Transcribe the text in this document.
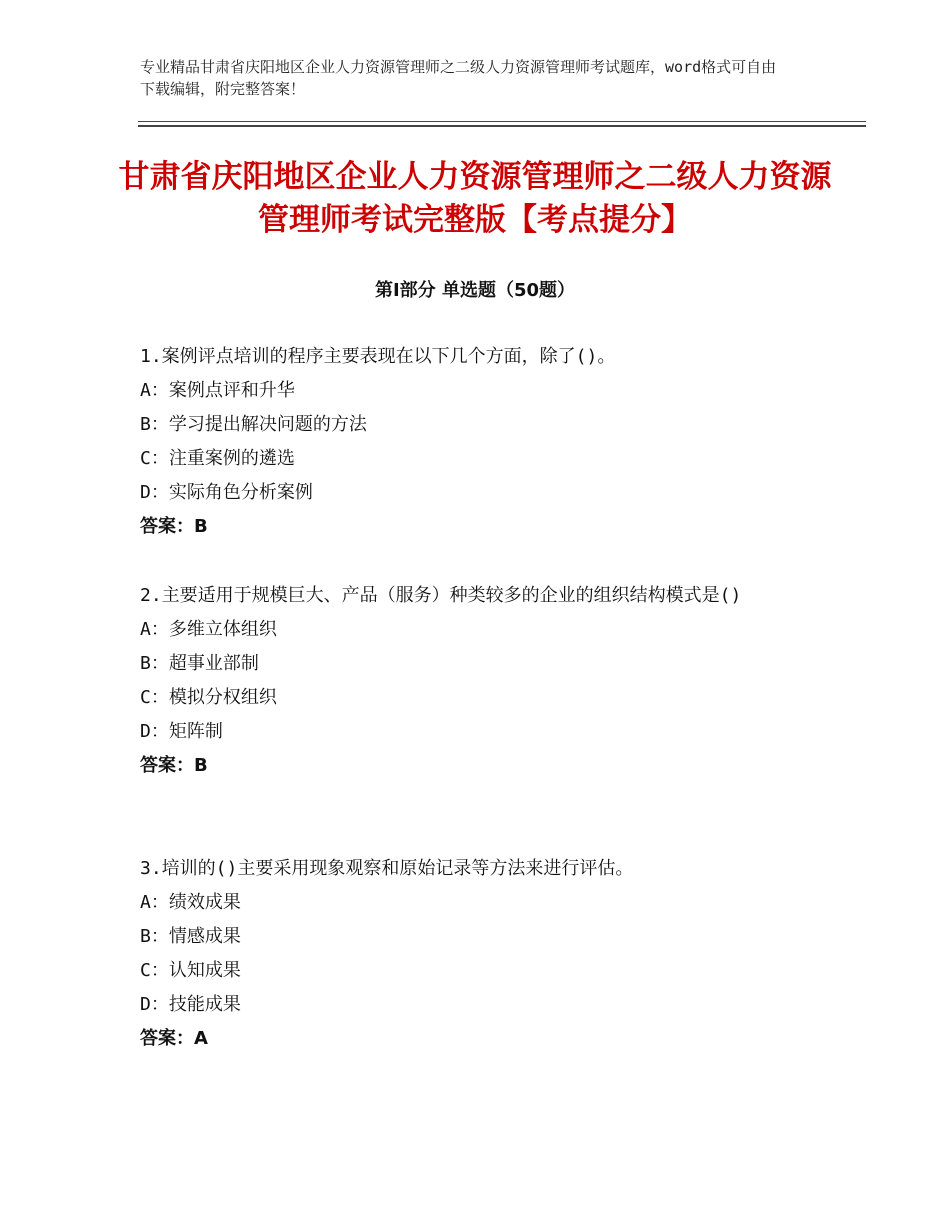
专业精品甘肃省庆阳地区企业人力资源管理师之二级人力资源管理师考试题库，word格式可自由下载编辑，附完整答案！
甘肃省庆阳地区企业人力资源管理师之二级人力资源管理师考试完整版【考点提分】
第Ⅰ部分 单选题（50题）

1.案例评点培训的程序主要表现在以下几个方面，除了()。

A：案例点评和升华

B：学习提出解决问题的方法

C：注重案例的遴选

D：实际角色分析案例

答案：B

2.主要适用于规模巨大、产品（服务）种类较多的企业的组织结构模式是()

A：多维立体组织

B：超事业部制

C：模拟分权组织

D：矩阵制

答案：B

3.培训的()主要采用现象观察和原始记录等方法来进行评估。

A：绩效成果

B：情感成果

C：认知成果

D：技能成果

答案：A
